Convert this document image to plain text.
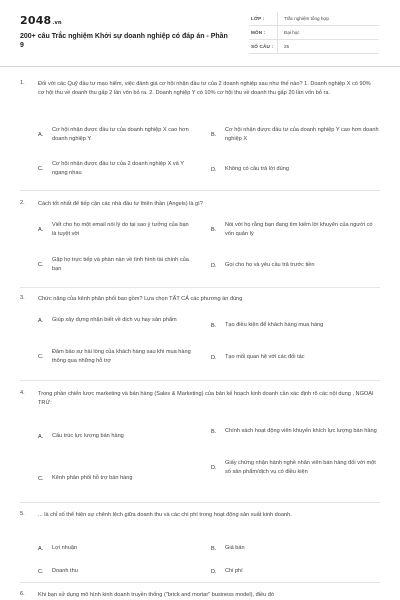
2048.vn
200+ câu Trắc nghiệm Khởi sự doanh nghiệp có đáp án - Phần 9
LỚP :	Trắc nghiệm tổng hợp
MÔN :	Đại học
SỐ CÂU :	25
1. Đối với các Quỹ đầu tư mạo hiểm, việc đánh giá cơ hội nhận đầu tư của 2 doanh nghiệp sau như thế nào? 1. Doanh nghiệp X có 90% cơ hội thu về doanh thu gấp 2 lần vốn bỏ ra. 2. Doanh nghiệp Y có 10% cơ hội thu về doanh thu gấp 20 lần vốn bỏ ra.
A.
Cơ hội nhận được đầu tư của doanh nghiệp X cao hơn doanh nghiệp Y
B.
Cơ hội nhận được đầu tư của doanh nghiệp Y cao hơn doanh nghiệp X
C.
Cơ hội nhận được đầu tư của 2 doanh nghiệp X và Y ngang nhau
D.	Không có câu trả lời đúng
2. Cách tốt nhất để tiếp cận các nhà đầu tư thiên thần (Angels) là gì?
A.
Viết cho họ một email nói lý do tại sao ý tưởng của bạn là tuyệt vời
B.
Nói với họ rằng bạn đang tìm kiếm lời khuyên của người có vốn quản lý
C.
Gặp họ trực tiếp và phàn nàn về tình hình tài chính của bạn
D.	Gọi cho họ và yêu cầu trả trước tiền
3. Chức năng của kênh phân phối bao gồm? Lựa chọn TẤT CẢ các phương án đúng
A.	Giúp xây dựng nhận biết về dịch vụ hay sản phẩm
B.	Tạo điều kiện để khách hàng mua hàng
C.
Đảm bảo sự hài lòng của khách hàng sau khi mua hàng thông qua những hỗ trợ
D.	Tạo mối quan hệ với các đối tác
4. Trong phần chiến lược marketing và bán hàng (Sales & Marketing) của bản kế hoạch kinh doanh cần xác định rõ các nội dung , NGOẠI TRỪ:
A.	Cấu trúc lực lượng bán hàng
B.	Chính sách hoạt động viên khuyến khích lực lượng bán hàng
C.	Kênh phân phối hỗ trợ bán hàng
D.
Giấy chứng nhận hành nghề nhân viên bán hàng đối với một số sản phẩm/dịch vụ có điều kiện
5. ... là chỉ số thể hiện sự chênh lệch giữa doanh thu và các chi phí trong hoạt động sản xuất kinh doanh.
A.	Lợi nhuận	B.	Giá bán
C.	Doanh thu	D.	Chi phí
6. Khi bạn sử dụng mô hình kinh doanh truyền thống ("brick and mortar" business model), điều đó
